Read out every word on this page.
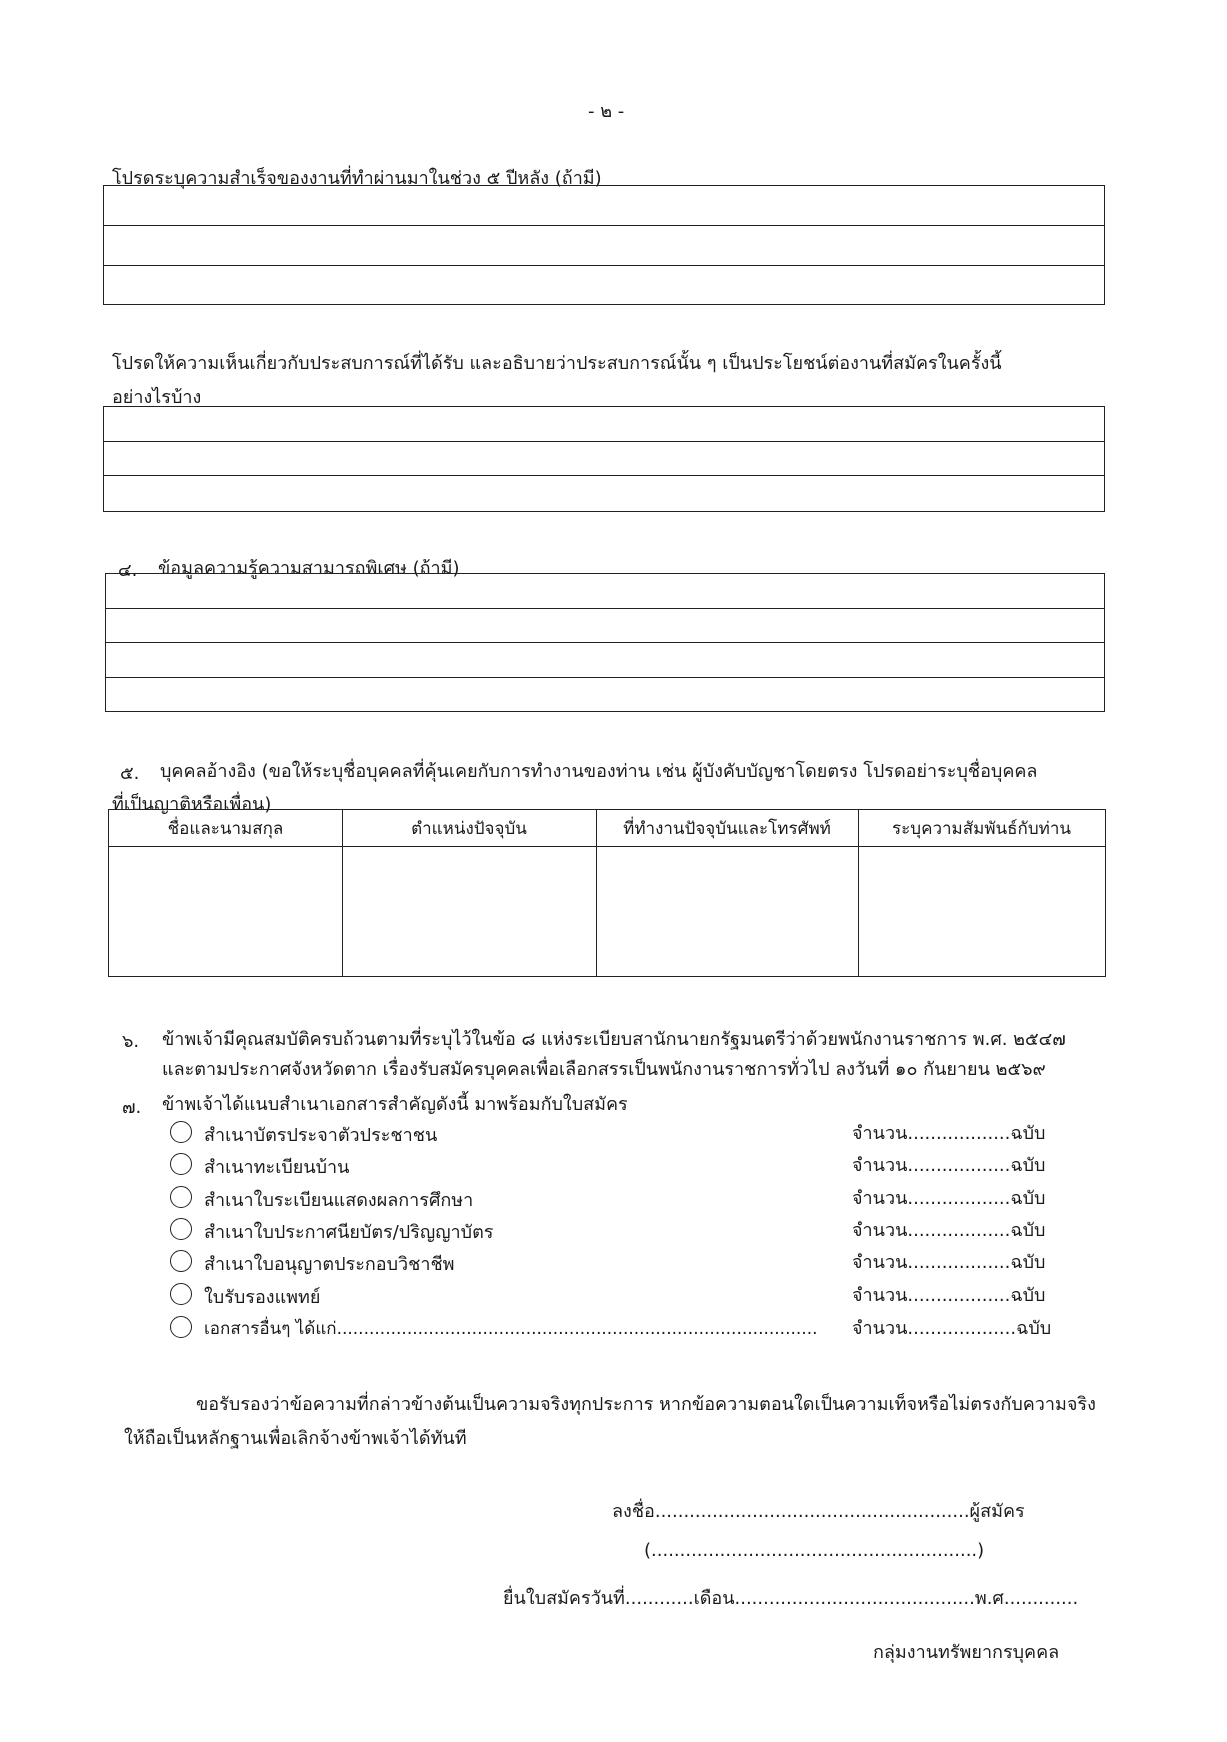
- ๒ -
โปรดระบุความสำเร็จของงานที่ทำผ่านมาในช่วง ๕ ปีหลัง (ถ้ามี)
โปรดให้ความเห็นเกี่ยวกับประสบการณ์ที่ได้รับ และอธิบายว่าประสบการณ์นั้น ๆ เป็นประโยชน์ต่องานที่สมัครในครั้งนี้
อย่างไรบ้าง
๔. ข้อมูลความรู้ความสามารถพิเศษ (ถ้ามี)
๕. บุคคลอ้างอิง (ขอให้ระบุชื่อบุคคลที่คุ้นเคยกับการทำงานของท่าน เช่น ผู้บังคับบัญชาโดยตรง โปรดอย่าระบุชื่อบุคคล
ที่เป็นญาติหรือเพื่อน)
ชื่อและนามสกุล	ตำแหน่งปัจจุบัน	ที่ทำงานปัจจุบันและโทรศัพท์	ระบุความสัมพันธ์กับท่าน
๖. ข้าพเจ้ามีคุณสมบัติครบถ้วนตามที่ระบุไว้ในข้อ ๘ แห่งระเบียบสานักนายกรัฐมนตรีว่าด้วยพนักงานราชการ พ.ศ. ๒๕๔๗
และตามประกาศจังหวัดตาก เรื่องรับสมัครบุคคลเพื่อเลือกสรรเป็นพนักงานราชการทั่วไป ลงวันที่ ๑๐ กันยายน ๒๕๖๙
๗. ข้าพเจ้าได้แนบสำเนาเอกสารสำคัญดังนี้ มาพร้อมกับใบสมัคร
สำเนาบัตรประจาตัวประชาชน	จำนวน..................ฉบับ
สำเนาทะเบียนบ้าน	จำนวน..................ฉบับ
สำเนาใบระเบียนแสดงผลการศึกษา	จำนวน..................ฉบับ
สำเนาใบประกาศนียบัตร/ปริญญาบัตร	จำนวน..................ฉบับ
สำเนาใบอนุญาตประกอบวิชาชีพ	จำนวน..................ฉบับ
ใบรับรองแพทย์	จำนวน..................ฉบับ
เอกสารอื่นๆ ได้แก่......................................................................................... จำนวน...................ฉบับ
ขอรับรองว่าข้อความที่กล่าวข้างต้นเป็นความจริงทุกประการ หากข้อความตอนใดเป็นความเท็จหรือไม่ตรงกับความจริง
ให้ถือเป็นหลักฐานเพื่อเลิกจ้างข้าพเจ้าได้ทันที
ลงชื่อ.......................................................ผู้สมัคร
(.........................................................)
ยื่นใบสมัครวันที่............เดือน..........................................พ.ศ.............
กลุ่มงานทรัพยากรบุคคล
